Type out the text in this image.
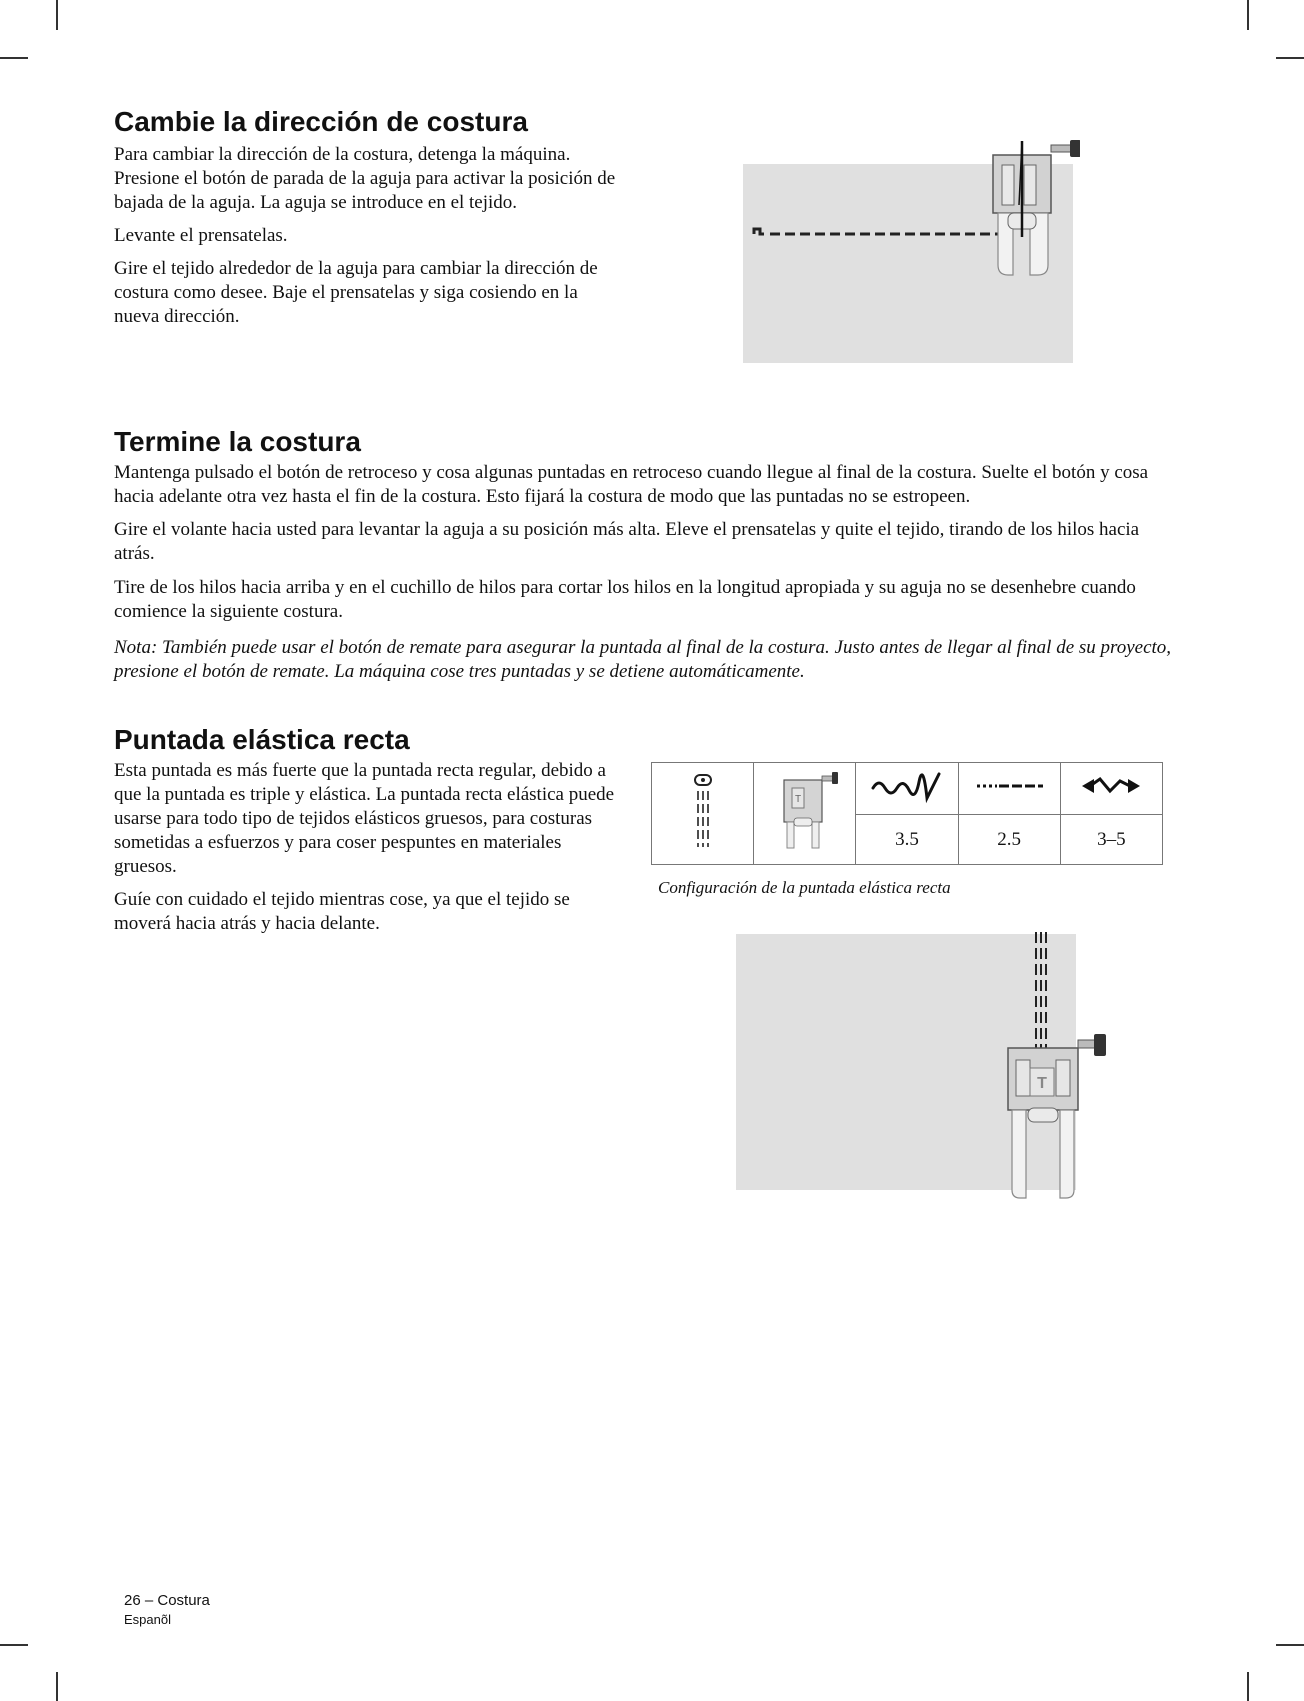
Cambie la dirección de costura

Para cambiar la dirección de la costura, detenga la máquina. Presione el botón de parada de la aguja para activar la posición de bajada de la aguja. La aguja se introduce en el tejido.

Levante el prensatelas.

Gire el tejido alrededor de la aguja para cambiar la dirección de costura como desee. Baje el prensatelas y siga cosiendo en la nueva dirección.

Termine la costura

Mantenga pulsado el botón de retroceso y cosa algunas puntadas en retroceso cuando llegue al final de la costura. Suelte el botón y cosa hacia adelante otra vez hasta el fin de la costura. Esto fijará la costura de modo que las puntadas no se estropeen.

Gire el volante hacia usted para levantar la aguja a su posición más alta. Eleve el prensatelas y quite el tejido, tirando de los hilos hacia atrás.

Tire de los hilos hacia arriba y en el cuchillo de hilos para cortar los hilos en la longitud apropiada y su aguja no se desenhebre cuando comience la siguiente costura.

Nota: También puede usar el botón de remate para asegurar la puntada al final de la costura. Justo antes de llegar al final de su proyecto, presione el botón de remate. La máquina cose tres puntadas y se detiene automáticamente.

Puntada elástica recta

Esta puntada es más fuerte que la puntada recta regular, debido a que la puntada es triple y elástica. La puntada recta elástica puede usarse para todo tipo de tejidos elásticos gruesos, para costuras sometidas a esfuerzos y para coser pespuntes en materiales gruesos.

Guíe con cuidado el tejido mientras cose, ya que el tejido se moverá hacia atrás y hacia delante.

T

		3.5	2.5	3–5

Configuración de la puntada elástica recta

T
26 – Costura
Espanõl
